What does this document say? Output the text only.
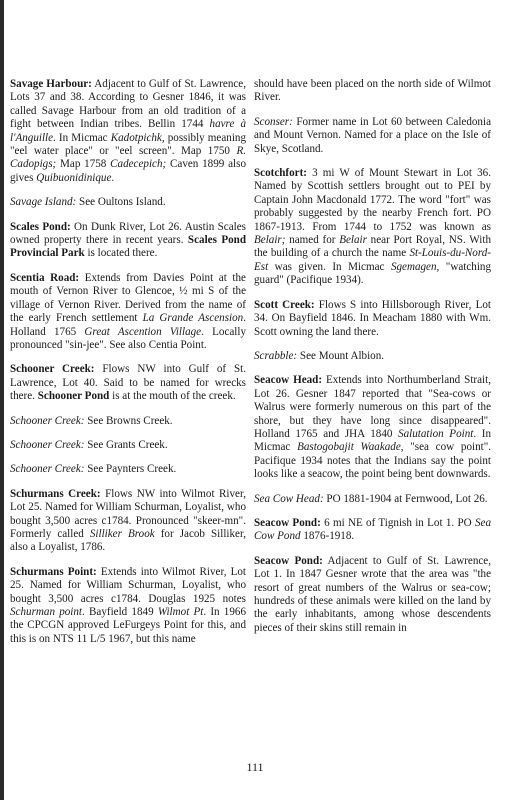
Savage Harbour: Adjacent to Gulf of St. Lawrence, Lots 37 and 38. According to Gesner 1846, it was called Savage Harbour from an old tradition of a fight between Indian tribes. Bellin 1744 havre à l'Anguille. In Micmac Kadotpichk, possibly meaning "eel water place" or "eel screen". Map 1750 R. Cadopigs; Map 1758 Cadecepich; Caven 1899 also gives Quibuonidinique.

Savage Island: See Oultons Island.

Scales Pond: On Dunk River, Lot 26. Austin Scales owned property there in recent years. Scales Pond Provincial Park is located there.

Scentia Road: Extends from Davies Point at the mouth of Vernon River to Glencoe, ½ mi S of the village of Vernon River. Derived from the name of the early French settlement La Grande Ascension. Holland 1765 Great Ascention Village. Locally pronounced "sin-jee". See also Centia Point.

Schooner Creek: Flows NW into Gulf of St. Lawrence, Lot 40. Said to be named for wrecks there. Schooner Pond is at the mouth of the creek.

Schooner Creek: See Browns Creek.

Schooner Creek: See Grants Creek.

Schooner Creek: See Paynters Creek.

Schurmans Creek: Flows NW into Wilmot River, Lot 25. Named for William Schurman, Loyalist, who bought 3,500 acres c1784. Pronounced "skeer-mn". Formerly called Silliker Brook for Jacob Silliker, also a Loyalist, 1786.

Schurmans Point: Extends into Wilmot River, Lot 25. Named for William Schurman, Loyalist, who bought 3,500 acres c1784. Douglas 1925 notes Schurman point. Bayfield 1849 Wilmot Pt. In 1966 the CPCGN approved LeFurgeys Point for this, and this is on NTS 11 L/5 1967, but this name

should have been placed on the north side of Wilmot River.

Scon​ser: Former name in Lot 60 between Caledonia and Mount Vernon. Named for a place on the Isle of Skye, Scotland.

Scotchfort: 3 mi W of Mount Stewart in Lot 36. Named by Scottish settlers brought out to PEI by Captain John Macdonald 1772. The word "fort" was probably suggested by the nearby French fort. PO 1867-1913. From 1744 to 1752 was known as Belair; named for Belair near Port Royal, NS. With the building of a church the name St-Louis-du-Nord-Est was given. In Micmac Sgemagen, "watching guard" (Pacifique 1934).

Scott Creek: Flows S into Hillsborough River, Lot 34. On Bayfield 1846. In Meacham 1880 with Wm. Scott owning the land there.

Scrabble: See Mount Albion.

Seacow Head: Extends into Northumberland Strait, Lot 26. Gesner 1847 reported that "Sea-cows or Walrus were formerly numerous on this part of the shore, but they have long since disappeared". Holland 1765 and JHA 1840 Salutation Point. In Micmac Bastogobajit Waakade, "sea cow point". Pacifique 1934 notes that the Indians say the point looks like a seacow, the point being bent downwards.

Sea Cow Head: PO 1881-1904 at Fernwood, Lot 26.

Seacow Pond: 6 mi NE of Tignish in Lot 1. PO Sea Cow Pond 1876-1918.

Seacow Pond: Adjacent to Gulf of St. Lawrence, Lot 1. In 1847 Gesner wrote that the area was "the resort of great numbers of the Walrus or sea-cow; hundreds of these animals were killed on the land by the early inhabitants, among whose descendents pieces of their skins still remain in

111
